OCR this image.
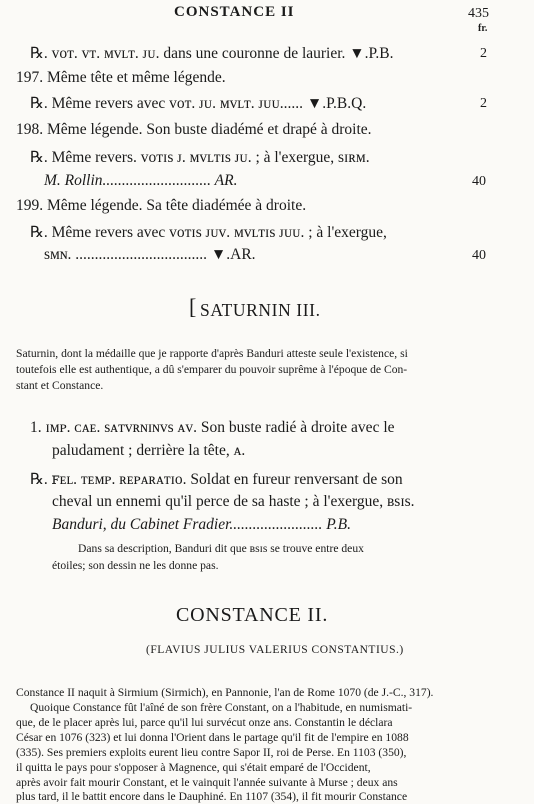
CONSTANCE II	435
fr.
℞. ᴠᴏᴛ. ᴠᴛ. ᴍᴠʟᴛ. ᴊᴜ. dans une couronne de laurier. ▼.P.B.	2
197. Même tête et même légende.
℞. Même revers avec ᴠᴏᴛ. ᴊᴜ. ᴍᴠʟᴛ. ᴊᴜᴜ...... ▼.P.B.Q.	2
198. Même légende. Son buste diadémé et drapé à droite.
℞. Même revers. ᴠᴏᴛɪs ᴊ. ᴍᴠʟᴛɪs ᴊᴜ. ; à l'exergue, sɪʀᴍ.
M. Rollin............................ AR.	40
199. Même légende. Sa tête diadémée à droite.
℞. Même revers avec ᴠᴏᴛɪs ᴊᴜᴠ. ᴍᴠʟᴛɪs ᴊᴜᴜ. ; à l'exergue,
sᴍɴ. .................................. ▼.AR.	40
[ SATURNIN III.
Saturnin, dont la médaille que je rapporte d'après Banduri atteste seule l'existence, si
toutefois elle est authentique, a dû s'emparer du pouvoir suprême à l'époque de Con-
stant et Constance.
1. ɪᴍᴘ. ᴄᴀᴇ. sᴀᴛᴠʀɴɪɴᴠs ᴀᴠ. Son buste radié à droite avec le
paludament ; derrière la tête, ᴀ.
℞. ꜰᴇʟ. ᴛᴇᴍᴘ. ʀᴇᴘᴀʀᴀᴛɪᴏ. Soldat en fureur renversant de son
cheval un ennemi qu'il perce de sa haste ; à l'exergue, ʙsɪs.
Banduri, du Cabinet Fradier........................ P.B.
Dans sa description, Banduri dit que ʙsɪs se trouve entre deux
étoiles; son dessin ne les donne pas.
CONSTANCE II.
(FLAVIUS JULIUS VALERIUS CONSTANTIUS.)
Constance II naquit à Sirmium (Sirmich), en Pannonie, l'an de Rome 1070 (de J.-C., 317).
Quoique Constance fût l'aîné de son frère Constant, on a l'habitude, en numismati-
que, de le placer après lui, parce qu'il lui survécut onze ans. Constantin le déclara
César en 1076 (323) et lui donna l'Orient dans le partage qu'il fit de l'empire en 1088
(335). Ses premiers exploits eurent lieu contre Sapor II, roi de Perse. En 1103 (350),
il quitta le pays pour s'opposer à Magnence, qui s'était emparé de l'Occident,
après avoir fait mourir Constant, et le vainquit l'année suivante à Murse ; deux ans
plus tard, il le battit encore dans le Dauphiné. En 1107 (354), il fit mourir Constance
